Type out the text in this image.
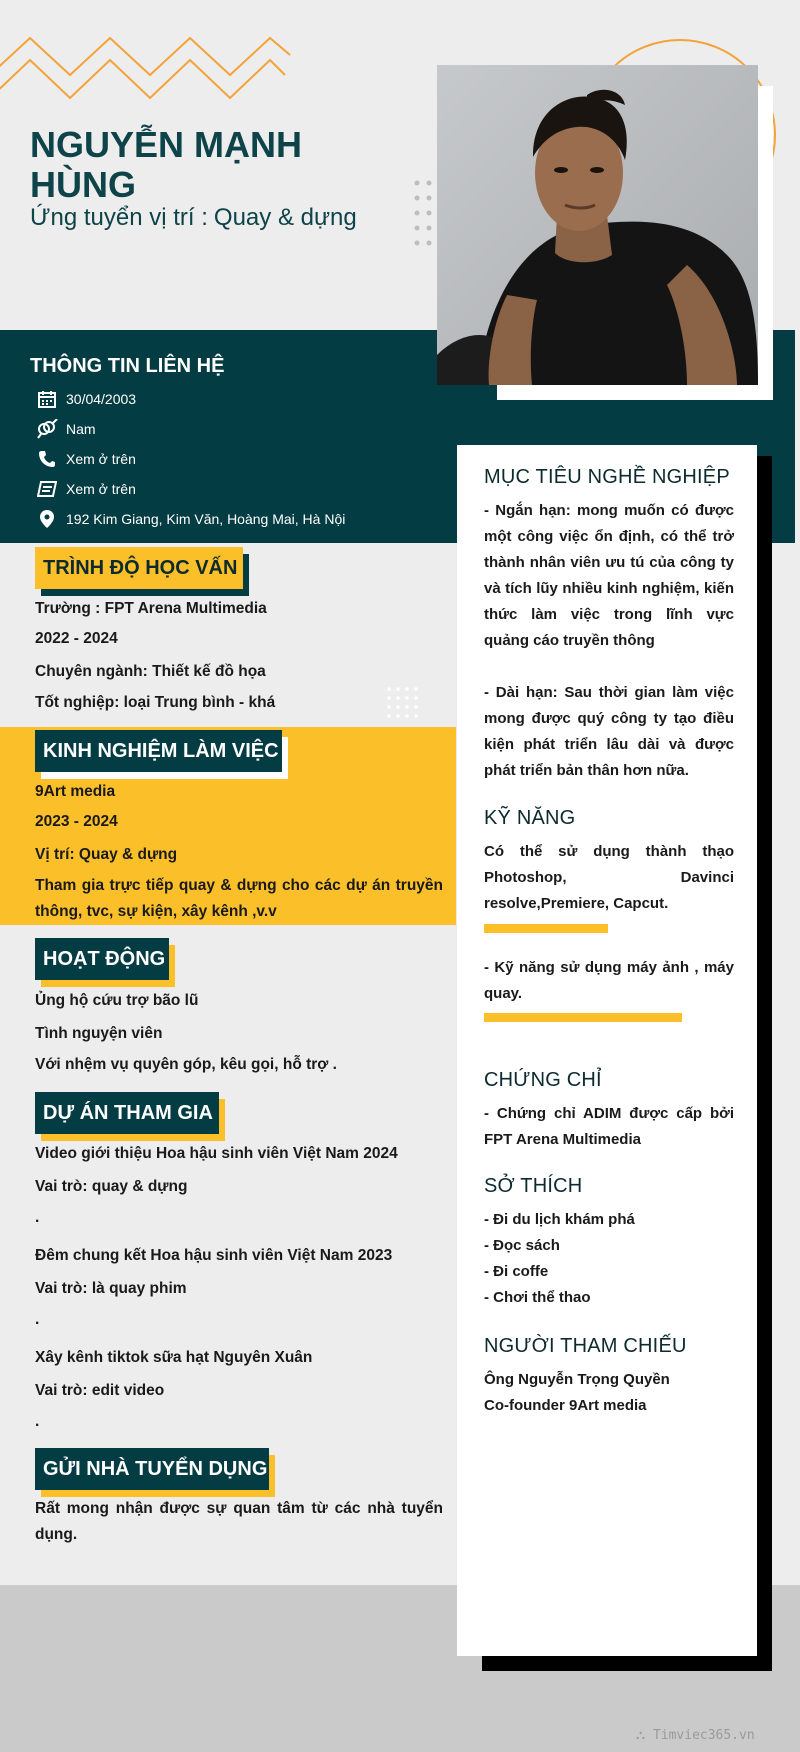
NGUYỄN MẠNH HÙNG
Ứng tuyển vị trí : Quay & dựng
THÔNG TIN LIÊN HỆ
30/04/2003
Nam
Xem ở trên
Xem ở trên
192 Kim Giang, Kim Văn, Hoàng Mai, Hà Nội
MỤC TIÊU NGHỀ NGHIỆP
- Ngắn hạn: mong muốn có được một công việc ổn định, có thể trở thành nhân viên ưu tú của công ty và tích lũy nhiều kinh nghiệm, kiến thức làm việc trong lĩnh vực quảng cáo truyền thông
- Dài hạn: Sau thời gian làm việc mong được quý công ty tạo điều kiện phát triển lâu dài và được phát triển bản thân hơn nữa.
KỸ NĂNG
Có thể sử dụng thành thạo Photoshop, Davinci resolve,Premiere, Capcut.
- Kỹ năng sử dụng máy ảnh , máy quay.
CHỨNG CHỈ
- Chứng chỉ ADIM được cấp bởi FPT Arena Multimedia
SỞ THÍCH
- Đi du lịch khám phá
- Đọc sách
- Đi coffe
- Chơi thể thao
NGƯỜI THAM CHIẾU
Ông Nguyễn Trọng Quyền
Co-founder 9Art media
TRÌNH ĐỘ HỌC VẤN
Trường : FPT Arena Multimedia
2022 - 2024
Chuyên ngành: Thiết kế đồ họa
Tốt nghiệp: loại Trung bình - khá
KINH NGHIỆM LÀM VIỆC
9Art media
2023 - 2024
Vị trí: Quay & dựng
Tham gia trực tiếp quay & dựng cho các dự án truyền thông, tvc, sự kiện, xây kênh ,v.v
HOẠT ĐỘNG
Ủng hộ cứu trợ bão lũ
Tình nguyện viên
Với nhệm vụ quyên góp, kêu gọi, hỗ trợ .
DỰ ÁN THAM GIA
Video giới thiệu Hoa hậu sinh viên Việt Nam 2024
Vai trò: quay & dựng
.
Đêm chung kết Hoa hậu sinh viên Việt Nam 2023
Vai trò: là quay phim
.
Xây kênh tiktok sữa hạt Nguyên Xuân
Vai trò: edit video
.
GỬI NHÀ TUYỂN DỤNG
Rất mong nhận được sự quan tâm từ các nhà tuyển dụng.
⛬ Timviec365.vn
